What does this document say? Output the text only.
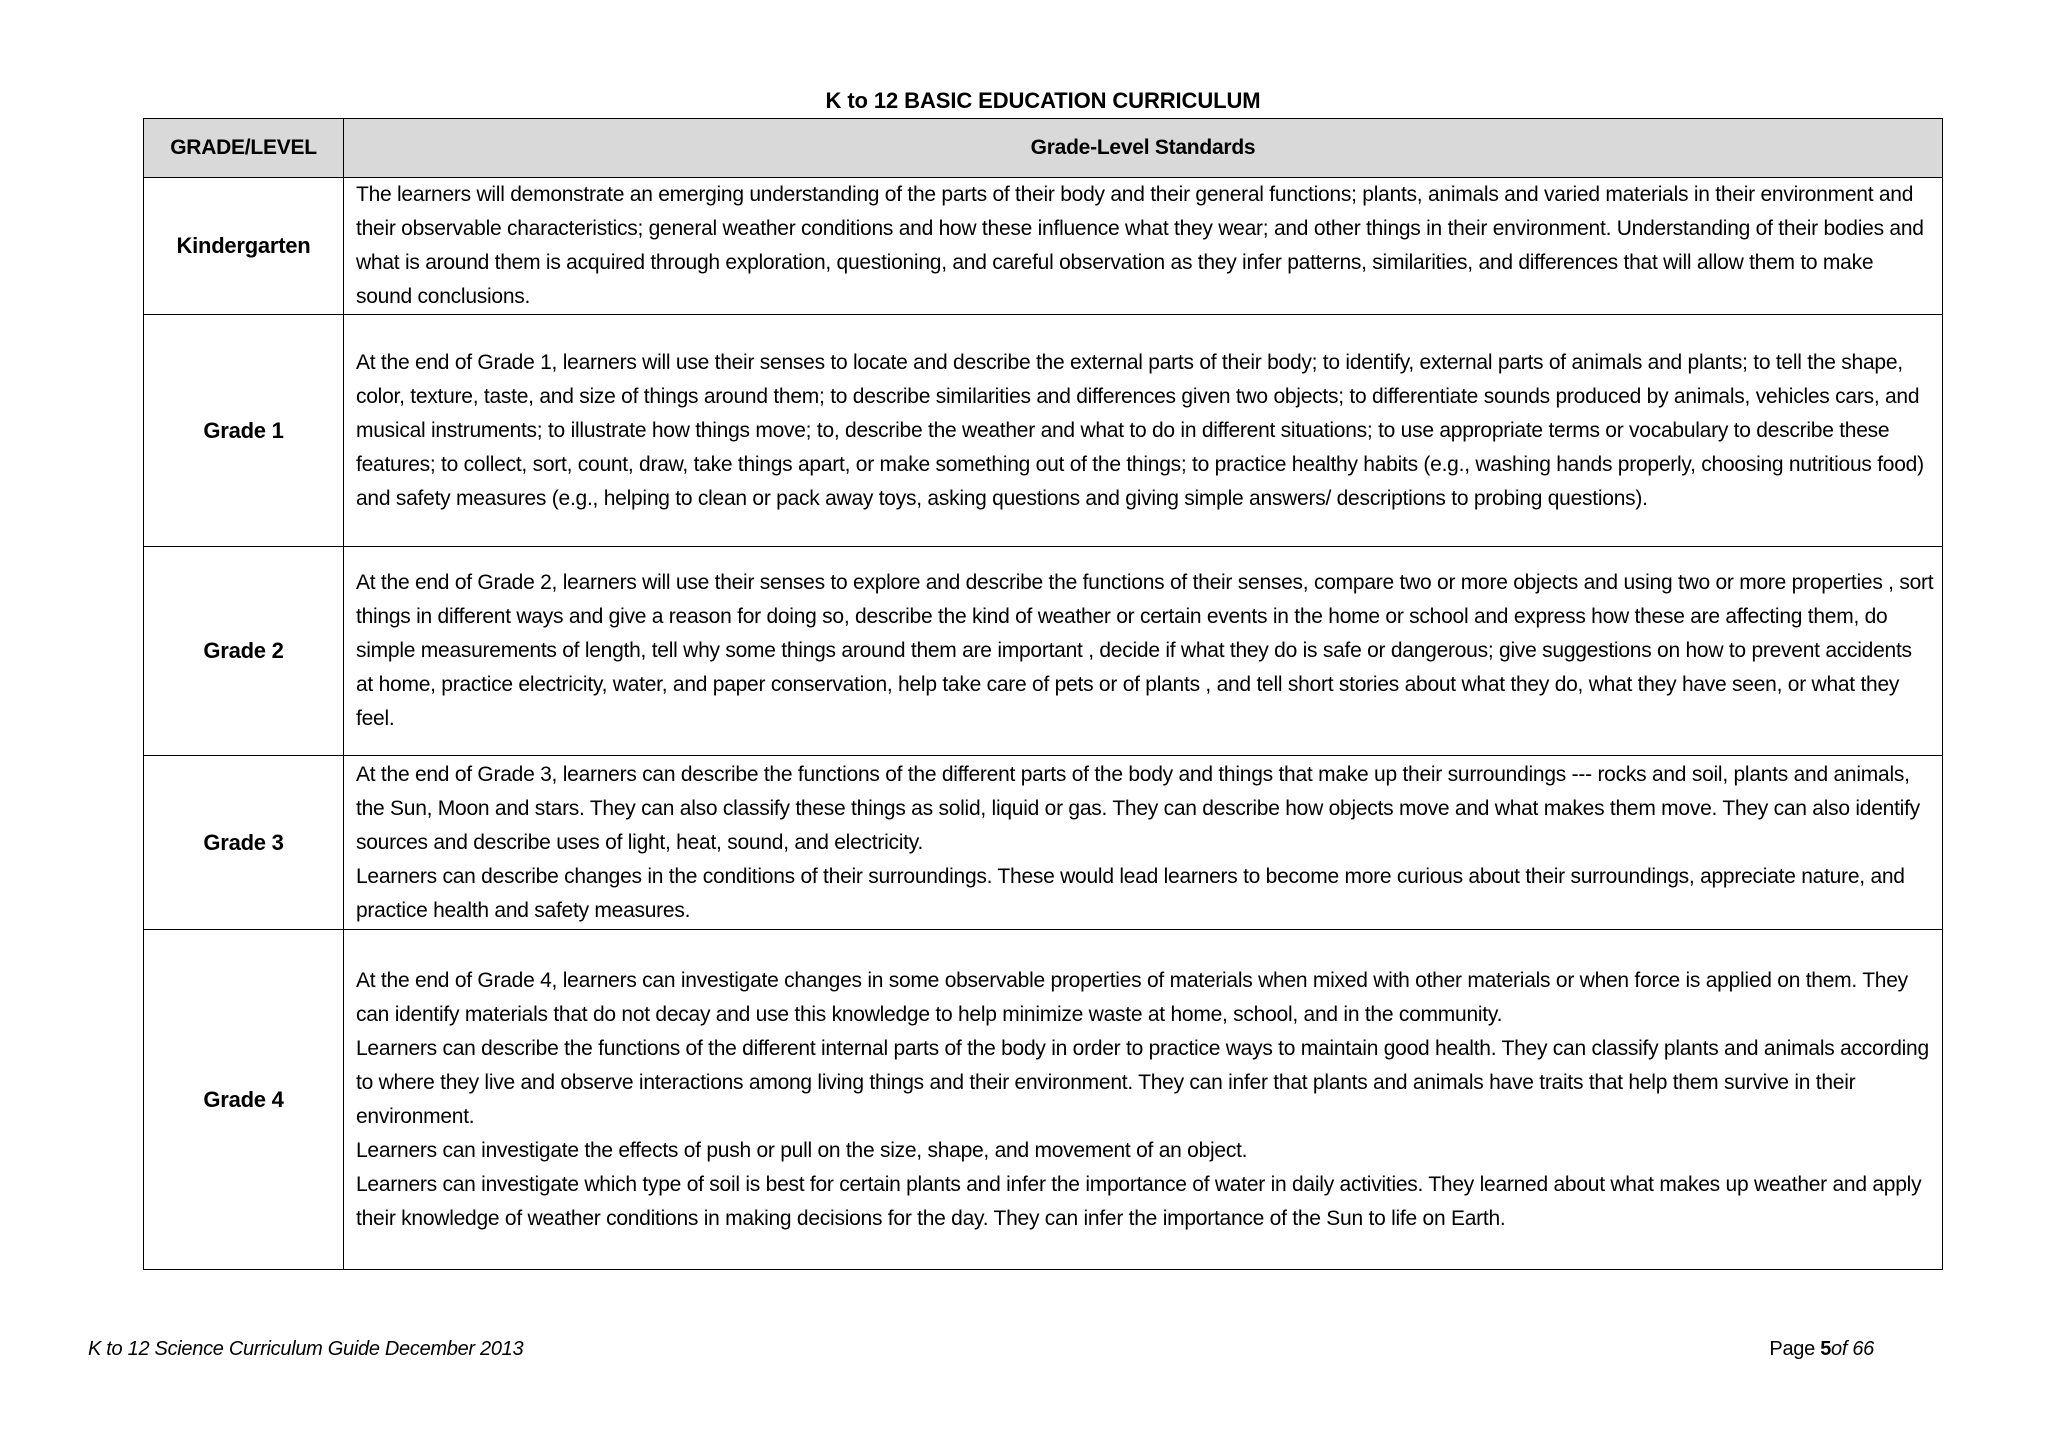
K to 12 BASIC EDUCATION CURRICULUM
GRADE/LEVEL	Grade-Level Standards
Kindergarten	The learners will demonstrate an emerging understanding of the parts of their body and their general functions; plants, animals and varied materials in their environment and their observable characteristics; general weather conditions and how these influence what they wear; and other things in their environment. Understanding of their bodies and what is around them is acquired through exploration, questioning, and careful observation as they infer patterns, similarities, and differences that will allow them to make sound conclusions.

Grade 1	At the end of Grade 1, learners will use their senses to locate and describe the external parts of their body; to identify, external parts of animals and plants; to tell the shape, color, texture, taste, and size of things around them; to describe similarities and differences given two objects; to differentiate sounds produced by animals, vehicles cars, and musical instruments; to illustrate how things move; to, describe the weather and what to do in different situations; to use appropriate terms or vocabulary to describe these features; to collect, sort, count, draw, take things apart, or make something out of the things; to practice healthy habits (e.g., washing hands properly, choosing nutritious food) and safety measures (e.g., helping to clean or pack away toys, asking questions and giving simple answers/ descriptions to probing questions).

Grade 2	At the end of Grade 2, learners will use their senses to explore and describe the functions of their senses, compare two or more objects and using two or more properties , sort things in different ways and give a reason for doing so, describe the kind of weather or certain events in the home or school and express how these are affecting them, do simple measurements of length, tell why some things around them are important , decide if what they do is safe or dangerous; give suggestions on how to prevent accidents at home, practice electricity, water, and paper conservation, help take care of pets or of plants , and tell short stories about what they do, what they have seen, or what they feel.

Grade 3	At the end of Grade 3, learners can describe the functions of the different parts of the body and things that make up their surroundings --- rocks and soil, plants and animals, the Sun, Moon and stars. They can also classify these things as solid, liquid or gas. They can describe how objects move and what makes them move. They can also identify sources and describe uses of light, heat, sound, and electricity.
Learners can describe changes in the conditions of their surroundings. These would lead learners to become more curious about their surroundings, appreciate nature, and practice health and safety measures.

Grade 4	At the end of Grade 4, learners can investigate changes in some observable properties of materials when mixed with other materials or when force is applied on them. They can identify materials that do not decay and use this knowledge to help minimize waste at home, school, and in the community.
Learners can describe the functions of the different internal parts of the body in order to practice ways to maintain good health. They can classify plants and animals according to where they live and observe interactions among living things and their environment. They can infer that plants and animals have traits that help them survive in their environment.
Learners can investigate the effects of push or pull on the size, shape, and movement of an object.
Learners can investigate which type of soil is best for certain plants and infer the importance of water in daily activities. They learned about what makes up weather and apply their knowledge of weather conditions in making decisions for the day. They can infer the importance of the Sun to life on Earth.
K to 12 Science Curriculum Guide December 2013	Page 5of 66
